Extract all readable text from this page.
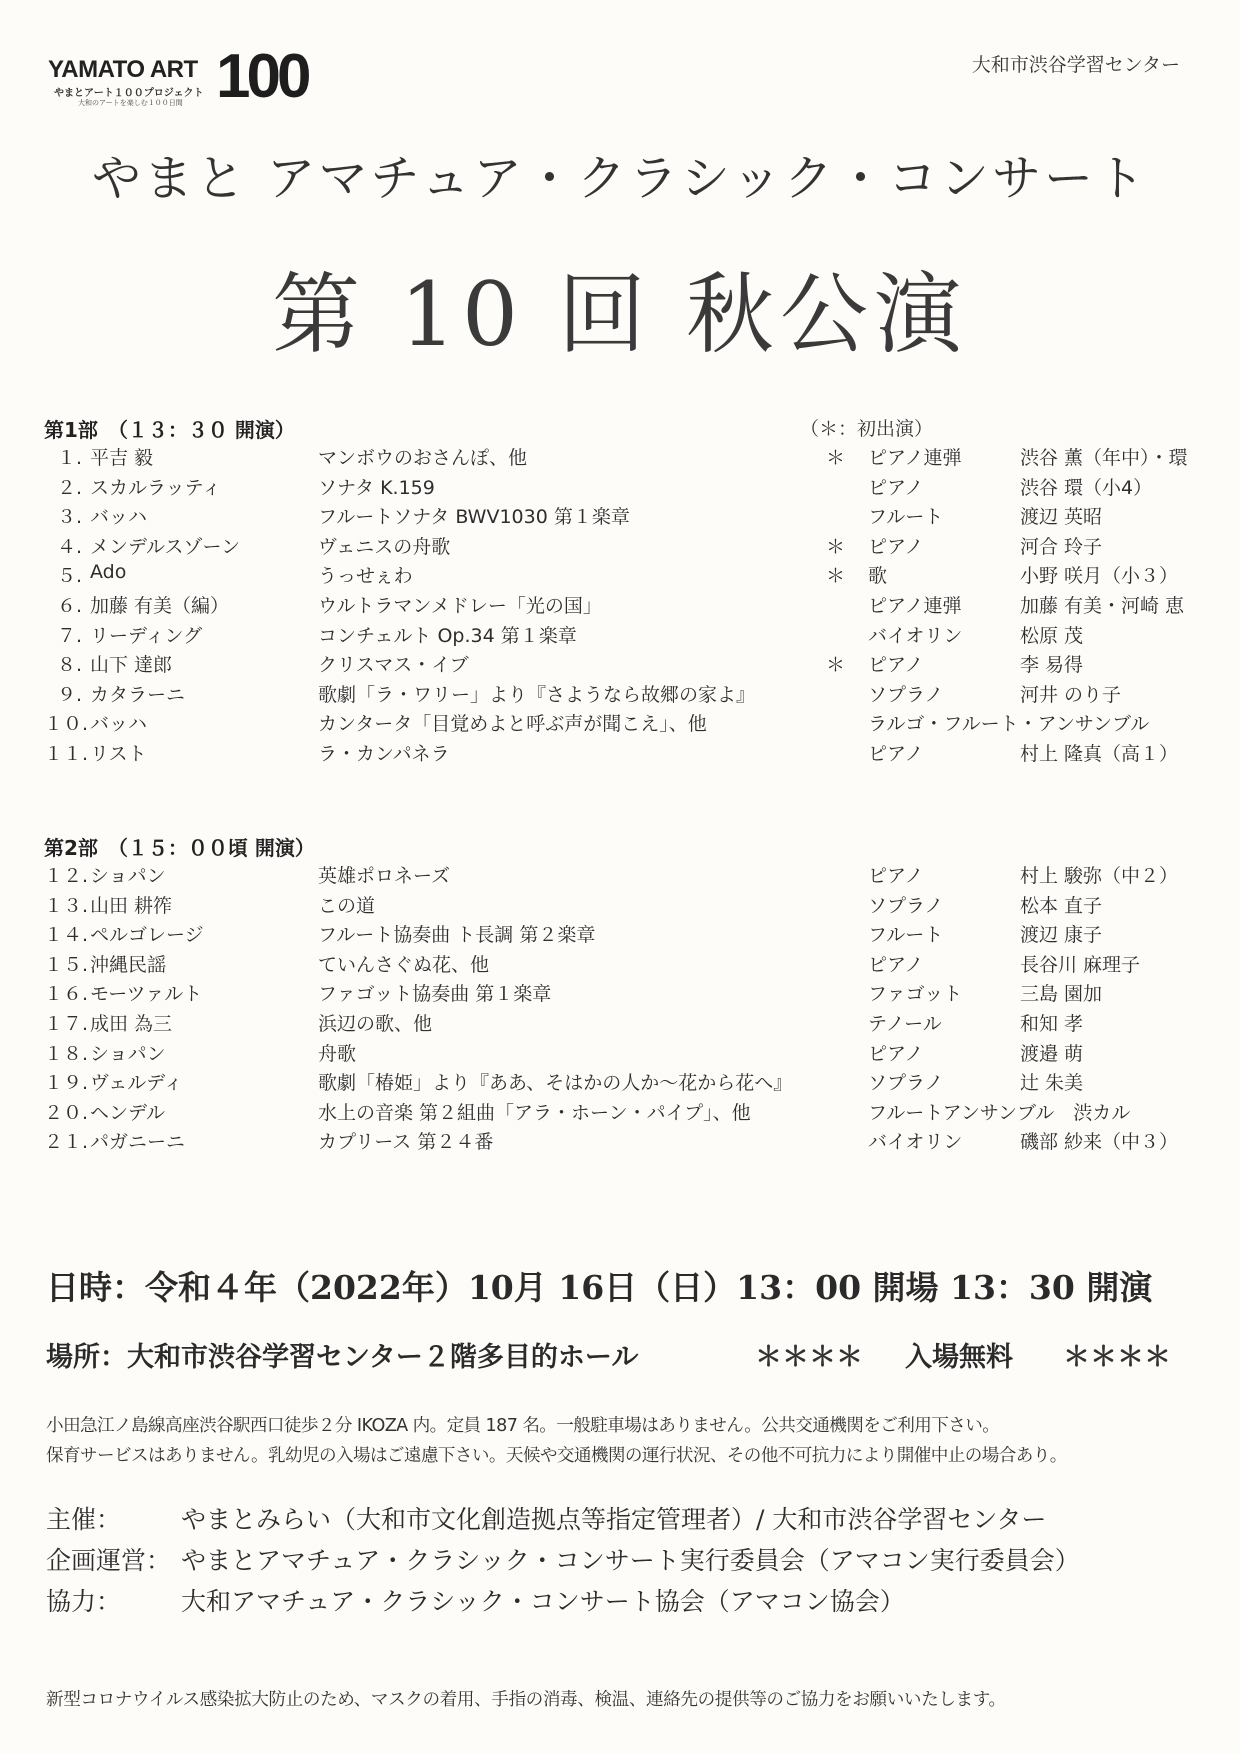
YAMATO ART 100
やまとアート１００プロジェクト
大和のアートを楽しむ１００日間
大和市渋谷学習センター
やまと アマチュア・クラシック・コンサート
第 10 回 秋公演
第1部　（１３：３０ 開演）	（＊：初出演）
１. 平吉 毅	マンボウのおさんぽ、他	＊ ピアノ連弾	渋谷 薫（年中）・環
２. スカルラッティ	ソナタ K.159	ピアノ	渋谷 環（小4）
３. バッハ	フルートソナタ BWV1030 第１楽章	フルート	渡辺 英昭
４. メンデルスゾーン	ヴェニスの舟歌	＊ ピアノ	河合 玲子
５. Ado	うっせぇわ	＊ 歌	小野 咲月（小３）
６. 加藤 有美（編）	ウルトラマンメドレー「光の国」	ピアノ連弾	加藤 有美・河崎 恵
７. リーディング	コンチェルト Op.34 第１楽章	バイオリン	松原 茂
８. 山下 達郎	クリスマス・イブ	＊ ピアノ	李 易得
９. カタラーニ	歌劇「ラ・ワリー」より『さようなら故郷の家よ』	ソプラノ	河井 のり子
１０. バッハ	カンタータ「目覚めよと呼ぶ声が聞こえ」、他	ラルゴ・フルート・アンサンブル
１１. リスト	ラ・カンパネラ	ピアノ	村上 隆真（高１）
第2部　（１５：００頃 開演）
１２. ショパン	英雄ポロネーズ	ピアノ	村上 駿弥（中２）
１３. 山田 耕筰	この道	ソプラノ	松本 直子
１４. ペルゴレージ	フルート協奏曲 ト長調 第２楽章	フルート	渡辺 康子
１５. 沖縄民謡	ていんさぐぬ花、他	ピアノ	長谷川 麻理子
１６. モーツァルト	ファゴット協奏曲 第１楽章	ファゴット	三島 園加
１７. 成田 為三	浜辺の歌、他	テノール	和知 孝
１８. ショパン	舟歌	ピアノ	渡邉 萌
１９. ヴェルディ	歌劇「椿姫」より『ああ、そはかの人か〜花から花へ』	ソプラノ	辻 朱美
２０. ヘンデル	水上の音楽 第２組曲「アラ・ホーン・パイプ」、他	フルートアンサンブル　渋カル
２１. パガニーニ	カプリース 第２４番	バイオリン	磯部 紗来（中３）
日時：令和４年（2022年）10月 16日（日）13：00 開場 13：30 開演
場所：大和市渋谷学習センター２階多目的ホール	＊＊＊＊ 入場無料 ＊＊＊＊
小田急江ノ島線高座渋谷駅西口徒歩２分 IKOZA 内。定員 187 名。一般駐車場はありません。公共交通機関をご利用下さい。
保育サービスはありません。乳幼児の入場はご遠慮下さい。天候や交通機関の運行状況、その他不可抗力により開催中止の場合あり。
主催： やまとみらい（大和市文化創造拠点等指定管理者）/ 大和市渋谷学習センター
企画運営： やまとアマチュア・クラシック・コンサート実行委員会（アマコン実行委員会）
協力： 大和アマチュア・クラシック・コンサート協会（アマコン協会）
新型コロナウイルス感染拡大防止のため、マスクの着用、手指の消毒、検温、連絡先の提供等のご協力をお願いいたします。
